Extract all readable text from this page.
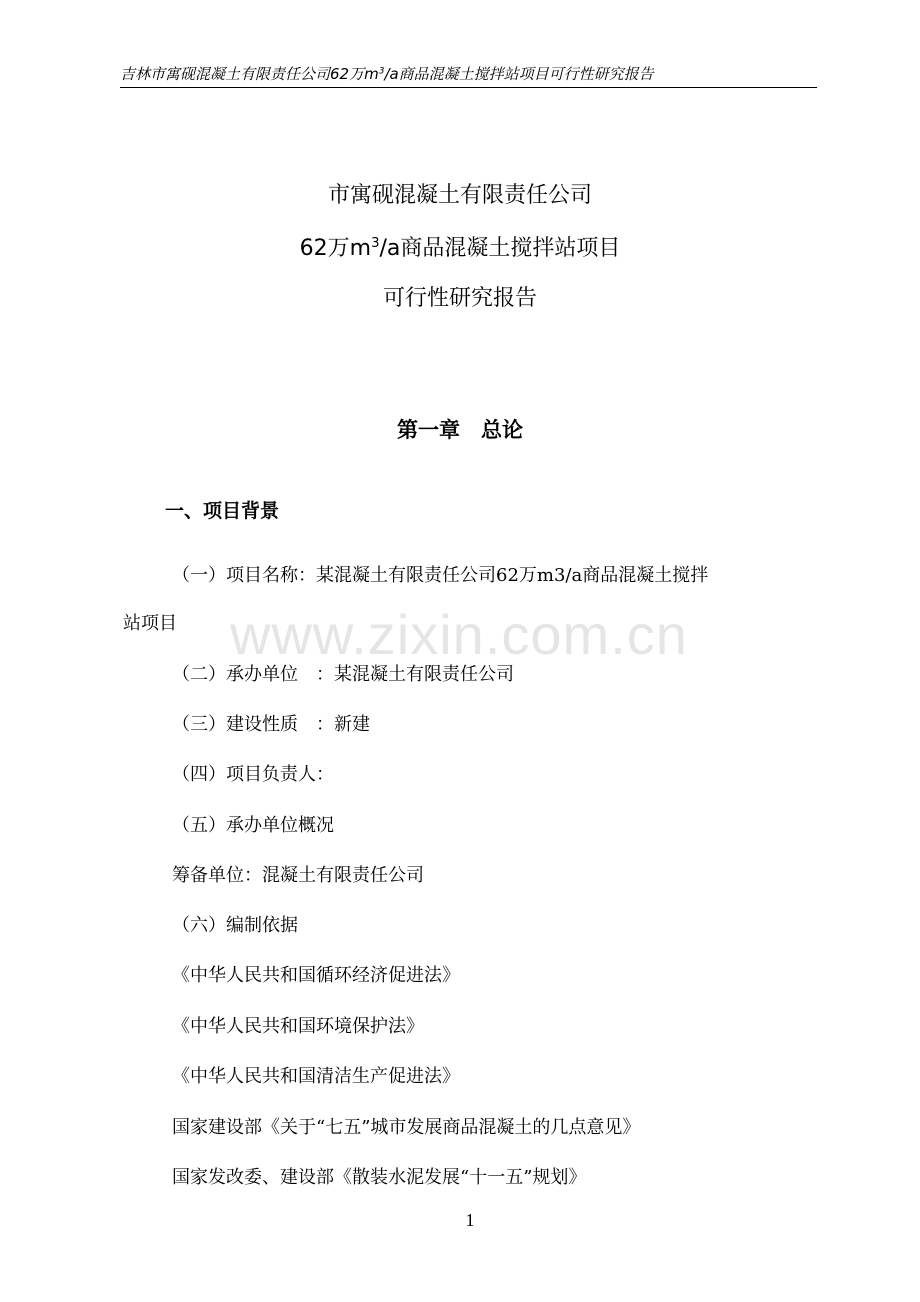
吉林市寓砚混凝土有限责任公司62万$m^3/a$商品混凝土搅拌站项目可行性研究报告
市寓砚混凝土有限责任公司
62万$m^3/a$商品混凝土搅拌站项目
可行性研究报告
第一章　总论
一、项目背景
（一）项目名称：某混凝土有限责任公司62万m3/a商品混凝土搅拌
站项目
（二）承办单位　：某混凝土有限责任公司
（三）建设性质　：新建
（四）项目负责人：
（五）承办单位概况
筹备单位：混凝土有限责任公司
（六）编制依据
《中华人民共和国循环经济促进法》
《中华人民共和国环境保护法》
《中华人民共和国清洁生产促进法》
国家建设部《关于“七五”城市发展商品混凝土的几点意见》
国家发改委、建设部《散装水泥发展“十一五”规划》
www.zixin.com.cn
1
